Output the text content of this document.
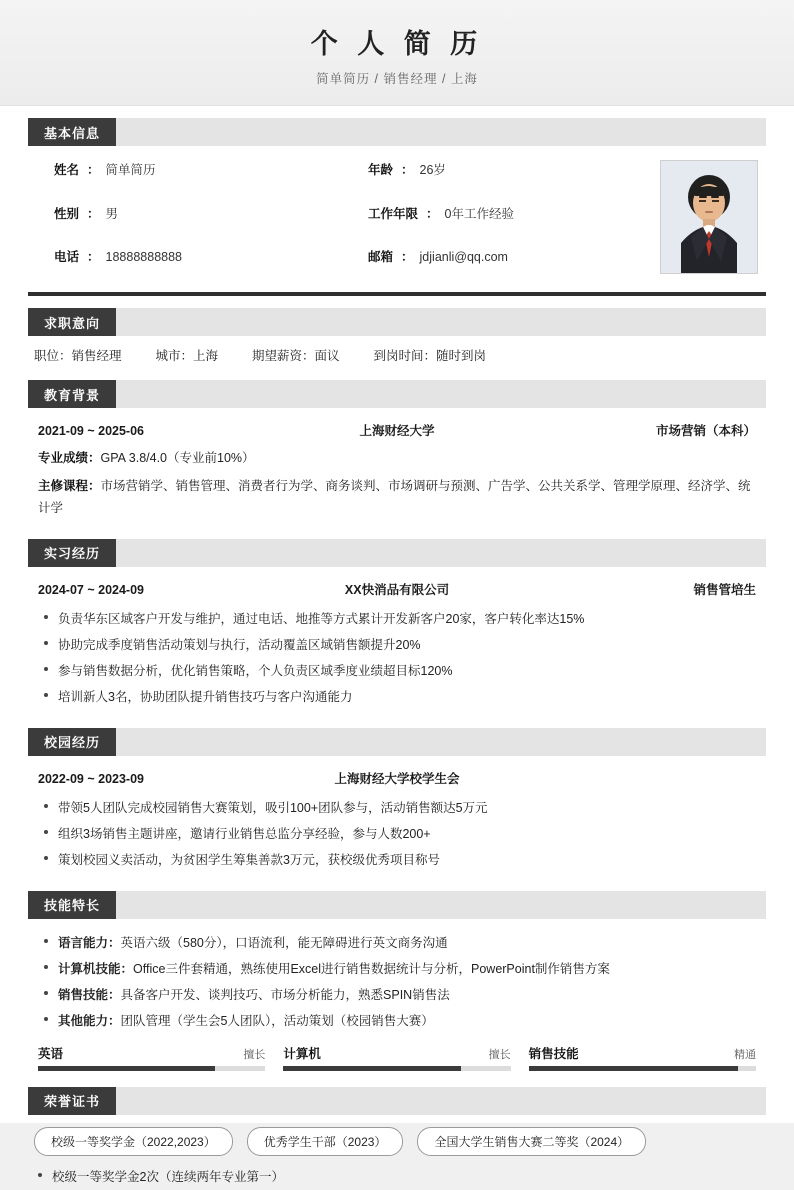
个 人 简 历
简单简历 / 销售经理 / 上海
基本信息
姓名 ： 简单简历	年龄 ： 26岁
性别 ： 男	工作年限 ： 0年工作经验
电话 ： 18888888888	邮箱 ： jdjianli@qq.com
求职意向
职位：销售经理	城市：上海	期望薪资：面议	到岗时间：随时到岗
教育背景
2021-09 ~ 2025-06	上海财经大学	市场营销（本科）
专业成绩：GPA 3.8/4.0（专业前10%）
主修课程：市场营销学、销售管理、消费者行为学、商务谈判、市场调研与预测、广告学、公共关系学、管理学原理、经济学、统计学
实习经历
2024-07 ~ 2024-09	XX快消品有限公司	销售管培生
负责华东区域客户开发与维护，通过电话、地推等方式累计开发新客户20家，客户转化率达15%
协助完成季度销售活动策划与执行，活动覆盖区域销售额提升20%
参与销售数据分析，优化销售策略，个人负责区域季度业绩超目标120%
培训新人3名，协助团队提升销售技巧与客户沟通能力
校园经历
2022-09 ~ 2023-09	上海财经大学校学生会
带领5人团队完成校园销售大赛策划，吸引100+团队参与，活动销售额达5万元
组织3场销售主题讲座，邀请行业销售总监分享经验，参与人数200+
策划校园义卖活动，为贫困学生筹集善款3万元，获校级优秀项目称号
技能特长
语言能力：英语六级（580分），口语流利，能无障碍进行英文商务沟通
计算机技能：Office三件套精通，熟练使用Excel进行销售数据统计与分析，PowerPoint制作销售方案
销售技能：具备客户开发、谈判技巧、市场分析能力，熟悉SPIN销售法
其他能力：团队管理（学生会5人团队），活动策划（校园销售大赛）
英语	擅长 计算机	擅长 销售技能	精通
荣誉证书
校级一等奖学金（2022,2023）	优秀学生干部（2023）	全国大学生销售大赛二等奖（2024）
校级一等奖学金2次（连续两年专业第一）
